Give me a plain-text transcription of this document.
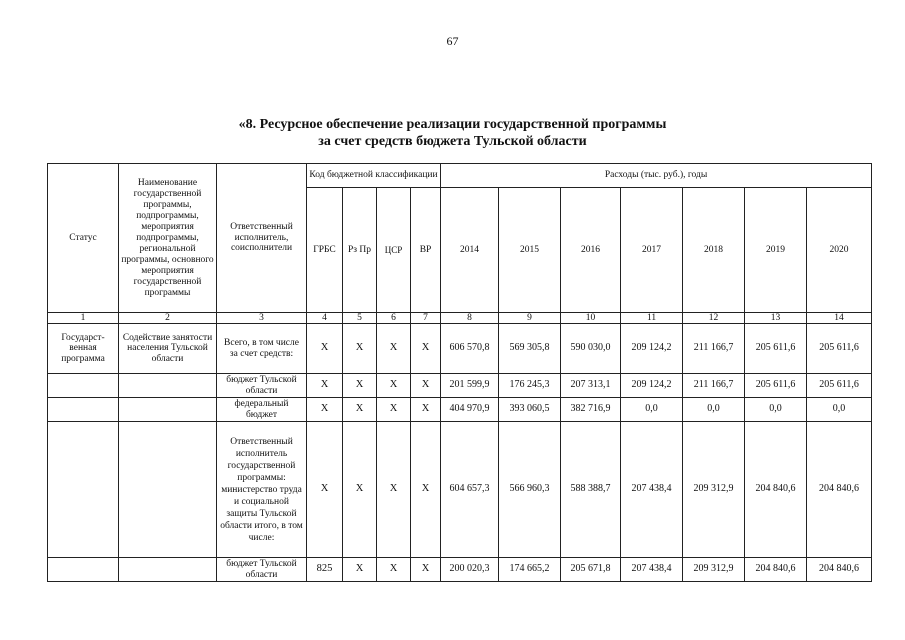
67
«8. Ресурсное обеспечение реализации государственной программы
за счет средств бюджета Тульской области
Статус	Наименование государственной программы, подпрограммы, мероприятия подпрограммы, региональной программы, основного мероприятия государственной программы	Ответственный исполнитель, соисполнители	Код бюджетной классификации				Расходы (тыс. руб.), годы						
			ГРБС	Рз Пр	ЦСР	ВР	2014	2015	2016	2017	2018	2019	2020
1	2	3	4	5	6	7	8	9	10	11	12	13	14
Государст-венная программа	Содействие занятости населения Тульской области	Всего, в том числе за счет средств:	Х	Х	Х	Х	606 570,8	569 305,8	590 030,0	209 124,2	211 166,7	205 611,6	205 611,6
		бюджет Тульской области	Х	Х	Х	Х	201 599,9	176 245,3	207 313,1	209 124,2	211 166,7	205 611,6	205 611,6
		федеральный бюджет	Х	Х	Х	Х	404 970,9	393 060,5	382 716,9	0,0	0,0	0,0	0,0
		Ответственный исполнитель государственной программы: министерство труда и социальной защиты Тульской области итого, в том числе:	Х	Х	Х	Х	604 657,3	566 960,3	588 388,7	207 438,4	209 312,9	204 840,6	204 840,6
		бюджет Тульской области	825	Х	Х	Х	200 020,3	174 665,2	205 671,8	207 438,4	209 312,9	204 840,6	204 840,6
